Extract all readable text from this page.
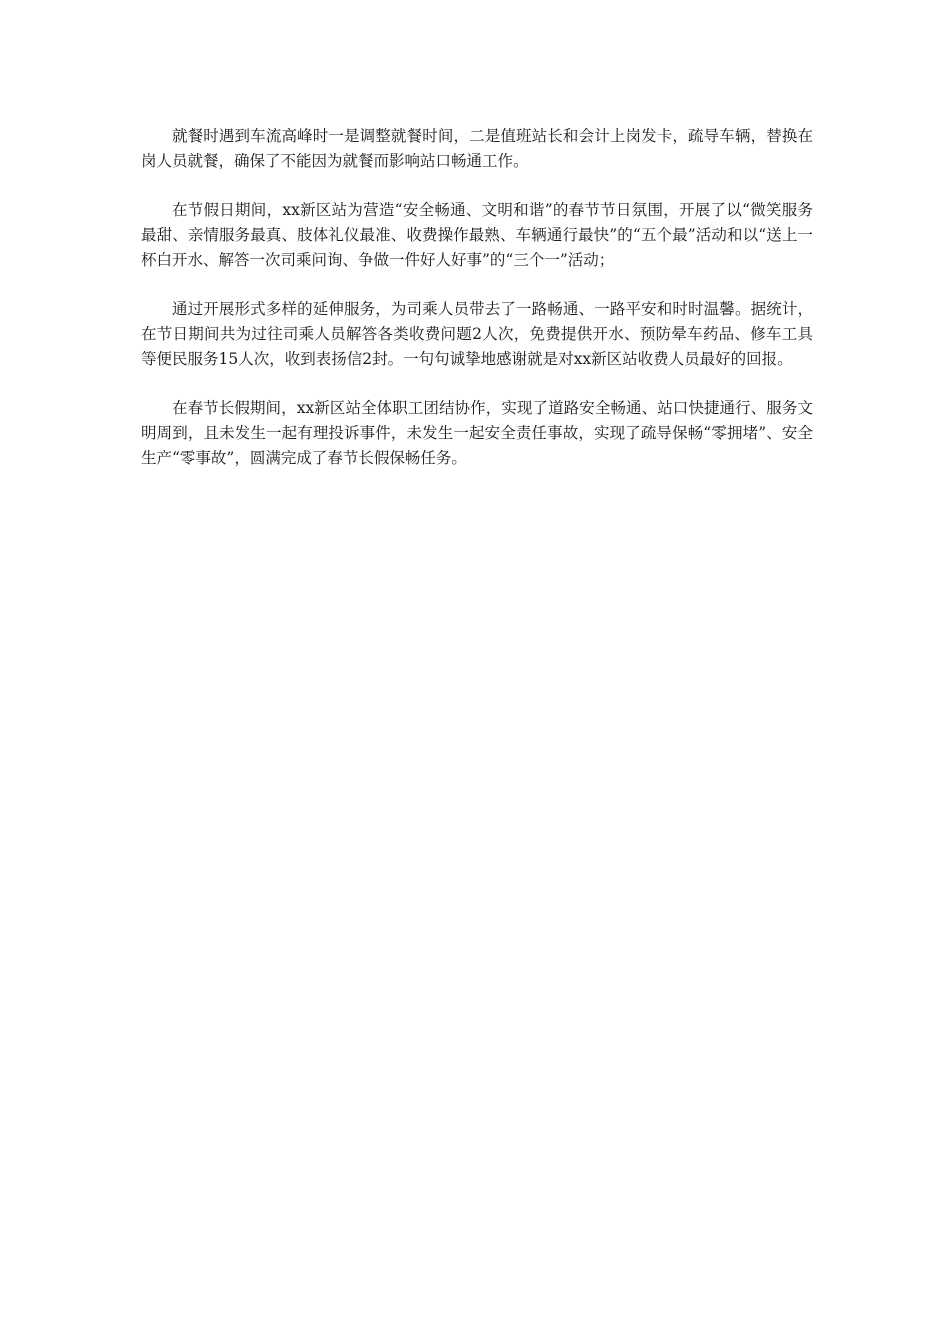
就餐时遇到车流高峰时一是调整就餐时间，二是值班站长和会计上岗发卡，疏导车辆，替换在岗人员就餐，确保了不能因为就餐而影响站口畅通工作。

在节假日期间，xx新区站为营造“安全畅通、文明和谐”的春节节日氛围，开展了以“微笑服务最甜、亲情服务最真、肢体礼仪最准、收费操作最熟、车辆通行最快”的“五个最”活动和以“送上一杯白开水、解答一次司乘问询、争做一件好人好事”的“三个一”活动；

通过开展形式多样的延伸服务，为司乘人员带去了一路畅通、一路平安和时时温馨。据统计，在节日期间共为过往司乘人员解答各类收费问题2人次，免费提供开水、预防晕车药品、修车工具等便民服务15人次，收到表扬信2封。一句句诚挚地感谢就是对xx新区站收费人员最好的回报。

在春节长假期间，xx新区站全体职工团结协作，实现了道路安全畅通、站口快捷通行、服务文明周到，且未发生一起有理投诉事件，未发生一起安全责任事故，实现了疏导保畅“零拥堵”、安全生产“零事故”，圆满完成了春节长假保畅任务。
